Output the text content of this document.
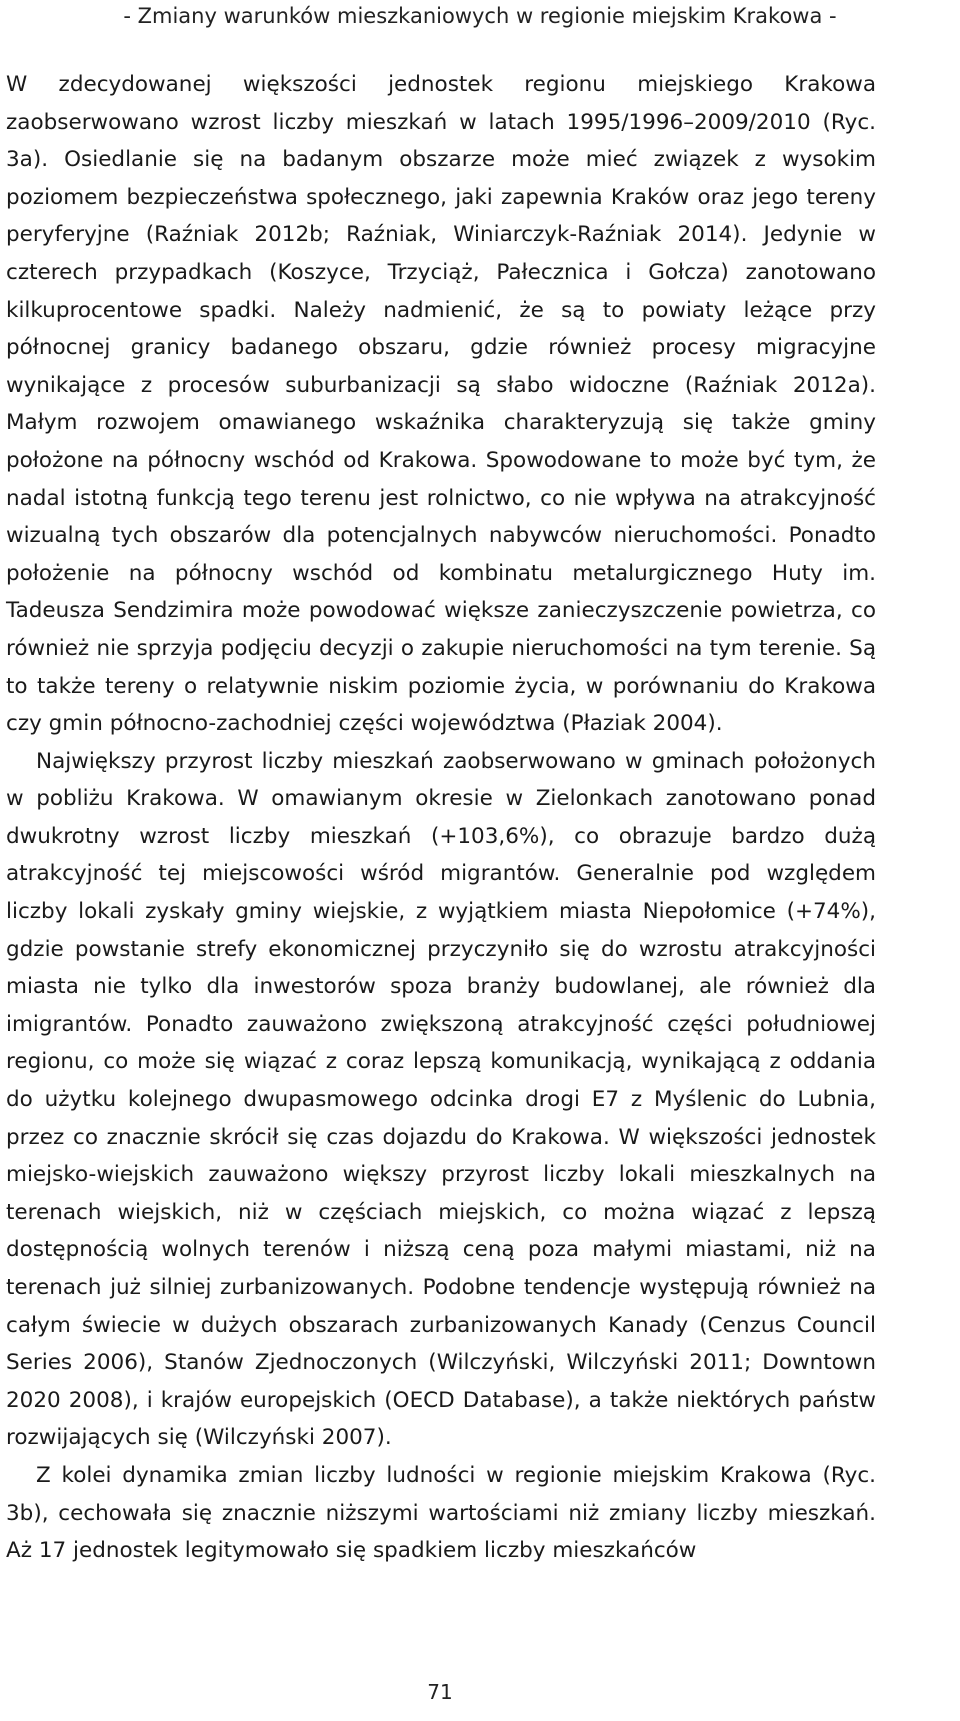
- Zmiany warunków mieszkaniowych w regionie miejskim Krakowa -

W zdecydowanej większości jednostek regionu miejskiego Krakowa zaobserwowano wzrost liczby mieszkań w latach 1995/1996–2009/2010 (Ryc. 3a). Osiedlanie się na badanym obszarze może mieć związek z wysokim poziomem bezpieczeństwa społecznego, jaki zapewnia Kraków oraz jego tereny peryferyjne (Raźniak 2012b; Raźniak, Winiarczyk-Raźniak 2014). Jedynie w czterech przypadkach (Koszyce, Trzyciąż, Pałecznica i Gołcza) zanotowano kilkuprocentowe spadki. Należy nadmienić, że są to powiaty leżące przy północnej granicy badanego obszaru, gdzie również procesy migracyjne wynikające z procesów suburbanizacji są słabo widoczne (Raźniak 2012a). Małym rozwojem omawianego wskaźnika charakteryzują się także gminy położone na północny wschód od Krakowa. Spowodowane to może być tym, że nadal istotną funkcją tego terenu jest rolnictwo, co nie wpływa na atrakcyjność wizualną tych obszarów dla potencjalnych nabywców nieruchomości. Ponadto położenie na północny wschód od kombinatu metalurgicznego Huty im. Tadeusza Sendzimira może powodować większe zanieczyszczenie powietrza, co również nie sprzyja podjęciu decyzji o zakupie nieruchomości na tym terenie. Są to także tereny o relatywnie niskim poziomie życia, w porównaniu do Krakowa czy gmin północno-zachodniej części województwa (Płaziak 2004).

Największy przyrost liczby mieszkań zaobserwowano w gminach położonych w pobliżu Krakowa. W omawianym okresie w Zielonkach zanotowano ponad dwukrotny wzrost liczby mieszkań (+103,6%), co obrazuje bardzo dużą atrakcyjność tej miejscowości wśród migrantów. Generalnie pod względem liczby lokali zyskały gminy wiejskie, z wyjątkiem miasta Niepołomice (+74%), gdzie powstanie strefy ekonomicznej przyczyniło się do wzrostu atrakcyjności miasta nie tylko dla inwestorów spoza branży budowlanej, ale również dla imigrantów. Ponadto zauważono zwiększoną atrakcyjność części południowej regionu, co może się wiązać z coraz lepszą komunikacją, wynikającą z oddania do użytku kolejnego dwupasmowego odcinka drogi E7 z Myślenic do Lubnia, przez co znacznie skrócił się czas dojazdu do Krakowa. W większości jednostek miejsko-wiejskich zauważono większy przyrost liczby lokali mieszkalnych na terenach wiejskich, niż w częściach miejskich, co można wiązać z lepszą dostępnością wolnych terenów i niższą ceną poza małymi miastami, niż na terenach już silniej zurbanizowanych. Podobne tendencje występują również na całym świecie w dużych obszarach zurbanizowanych Kanady (Cenzus Council Series 2006), Stanów Zjednoczonych (Wilczyński, Wilczyński 2011; Downtown 2020 2008), i krajów europejskich (OECD Database), a także niektórych państw rozwijających się (Wilczyński 2007).

Z kolei dynamika zmian liczby ludności w regionie miejskim Krakowa (Ryc. 3b), cechowała się znacznie niższymi wartościami niż zmiany liczby mieszkań. Aż 17 jednostek legitymowało się spadkiem liczby mieszkańców

71
